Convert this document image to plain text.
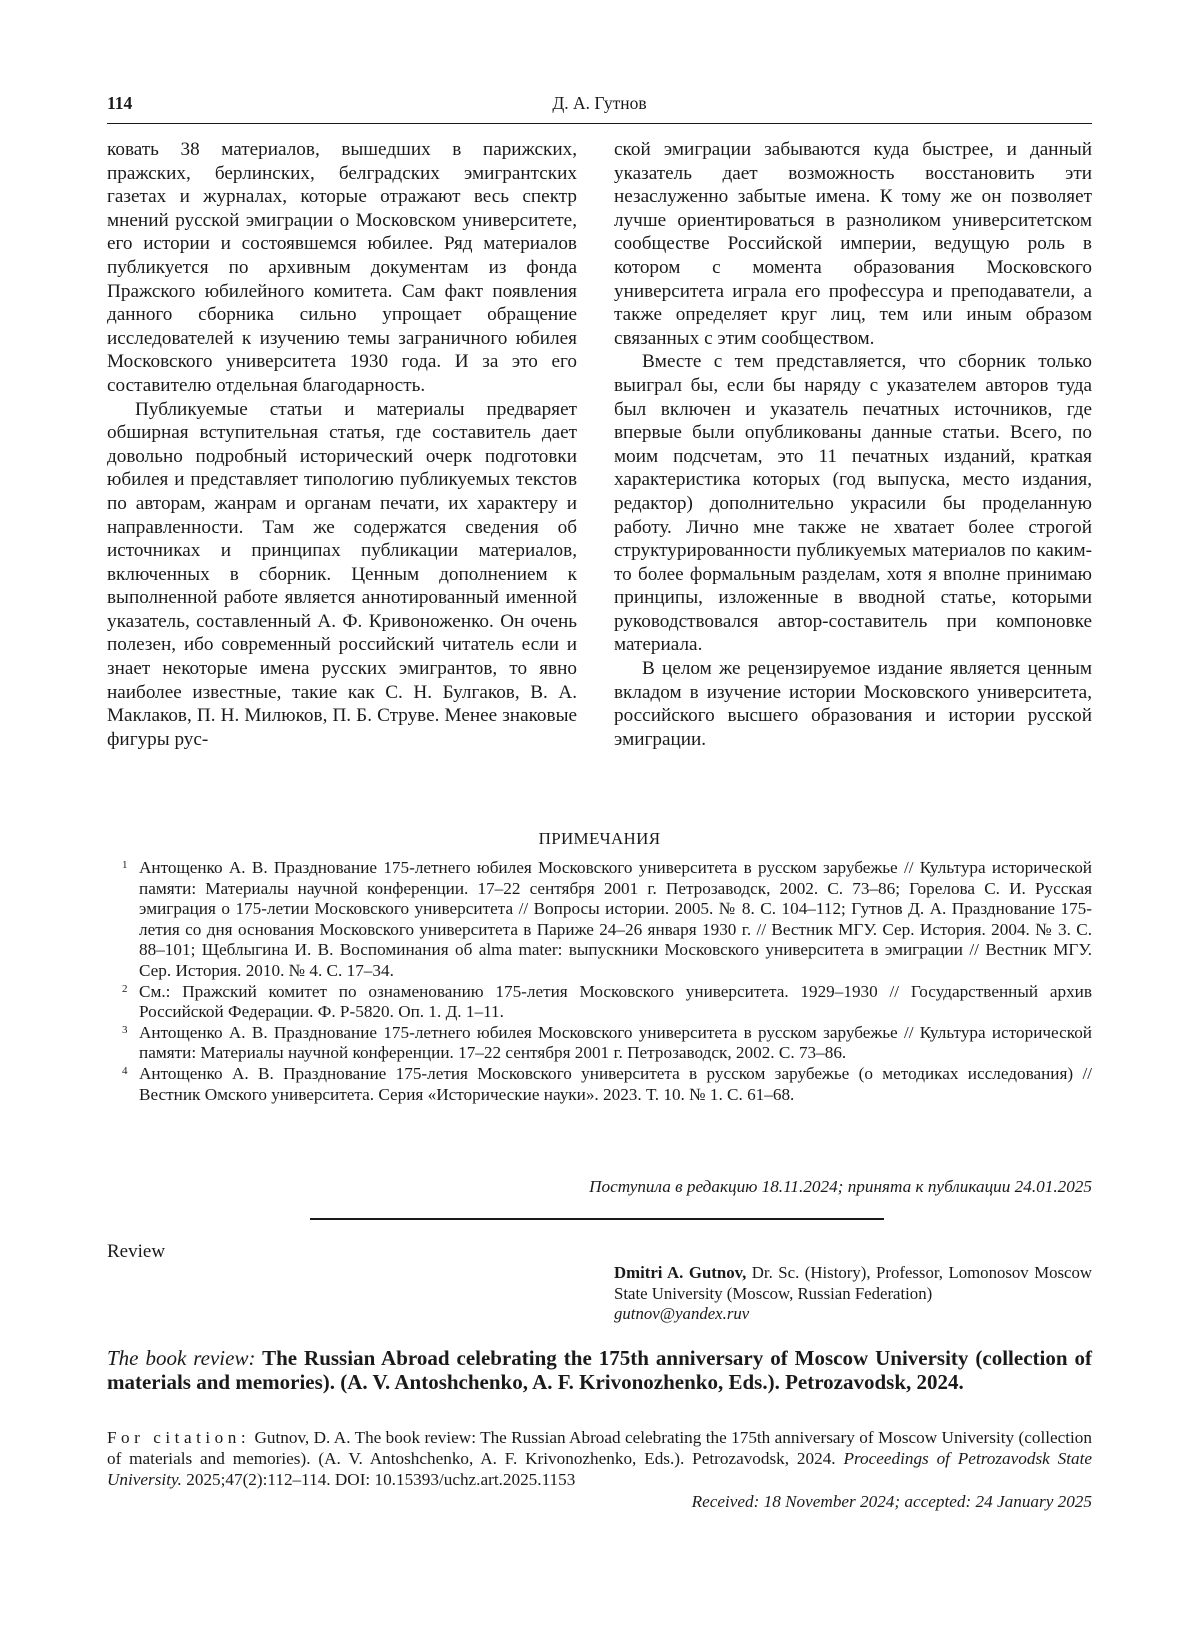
114	Д. А. Гутнов

ковать 38 материалов, вышедших в парижских, пражских, берлинских, белградских эмигрантских газетах и журналах, которые отражают весь спектр мнений русской эмиграции о Московском университете, его истории и состоявшемся юбилее. Ряд материалов публикуется по архивным документам из фонда Пражского юбилейного комитета. Сам факт появления данного сборника сильно упрощает обращение исследователей к изучению темы заграничного юбилея Московского университета 1930 года. И за это его составителю отдельная благодарность.

Публикуемые статьи и материалы предваряет обширная вступительная статья, где составитель дает довольно подробный исторический очерк подготовки юбилея и представляет типологию публикуемых текстов по авторам, жанрам и органам печати, их характеру и направленности. Там же содержатся сведения об источниках и принципах публикации материалов, включенных в сборник. Ценным дополнением к выполненной работе является аннотированный именной указатель, составленный А. Ф. Кривоноженко. Он очень полезен, ибо современный российский читатель если и знает некоторые имена русских эмигрантов, то явно наиболее известные, такие как С. Н. Булгаков, В. А. Маклаков, П. Н. Милюков, П. Б. Струве. Менее знаковые фигуры рус-

ской эмиграции забываются куда быстрее, и данный указатель дает возможность восстановить эти незаслуженно забытые имена. К тому же он позволяет лучше ориентироваться в разноликом университетском сообществе Российской империи, ведущую роль в котором с момента образования Московского университета играла его профессура и преподаватели, а также определяет круг лиц, тем или иным образом связанных с этим сообществом.

Вместе с тем представляется, что сборник только выиграл бы, если бы наряду с указателем авторов туда был включен и указатель печатных источников, где впервые были опубликованы данные статьи. Всего, по моим подсчетам, это 11 печатных изданий, краткая характеристика которых (год выпуска, место издания, редактор) дополнительно украсили бы проделанную работу. Лично мне также не хватает более строгой структурированности публикуемых материалов по каким-то более формальным разделам, хотя я вполне принимаю принципы, изложенные в вводной статье, которыми руководствовался автор-составитель при компоновке материала.

В целом же рецензируемое издание является ценным вкладом в изучение истории Московского университета, российского высшего образования и истории русской эмиграции.

ПРИМЕЧАНИЯ

1 Антощенко А. В. Празднование 175-летнего юбилея Московского университета в русском зарубежье // Культура исторической памяти: Материалы научной конференции. 17–22 сентября 2001 г. Петрозаводск, 2002. С. 73–86; Горелова С. И. Русская эмиграция о 175-летии Московского университета // Вопросы истории. 2005. № 8. С. 104–112; Гутнов Д. А. Празднование 175-летия со дня основания Московского университета в Париже 24–26 января 1930 г. // Вестник МГУ. Сер. История. 2004. № 3. С. 88–101; Щеблыгина И. В. Воспоминания об alma mater: выпускники Московского университета в эмиграции // Вестник МГУ. Сер. История. 2010. № 4. С. 17–34.

2 См.: Пражский комитет по ознаменованию 175-летия Московского университета. 1929–1930 // Государственный архив Российской Федерации. Ф. Р-5820. Оп. 1. Д. 1–11.

3 Антощенко А. В. Празднование 175-летнего юбилея Московского университета в русском зарубежье // Культура исторической памяти: Материалы научной конференции. 17–22 сентября 2001 г. Петрозаводск, 2002. С. 73–86.

4 Антощенко А. В. Празднование 175-летия Московского университета в русском зарубежье (о методиках исследования) // Вестник Омского университета. Серия «Исторические науки». 2023. Т. 10. № 1. С. 61–68.

Поступила в редакцию 18.11.2024; принята к публикации 24.01.2025
Review
Dmitri A. Gutnov, Dr. Sc. (History), Professor, Lomonosov Moscow State University (Moscow, Russian Federation)
gutnov@yandex.ruv
The book review: The Russian Abroad celebrating the 175th anniversary of Moscow University (collection of materials and memories). (A. V. Antoshchenko, A. F. Krivonozhenko, Eds.). Petrozavodsk, 2024.
For citation: Gutnov, D. A. The book review: The Russian Abroad celebrating the 175th anniversary of Moscow University (collection of materials and memories). (A. V. Antoshchenko, A. F. Krivonozhenko, Eds.). Petrozavodsk, 2024. Proceedings of Petrozavodsk State University. 2025;47(2):112–114. DOI: 10.15393/uchz.art.2025.1153
Received: 18 November 2024; accepted: 24 January 2025
